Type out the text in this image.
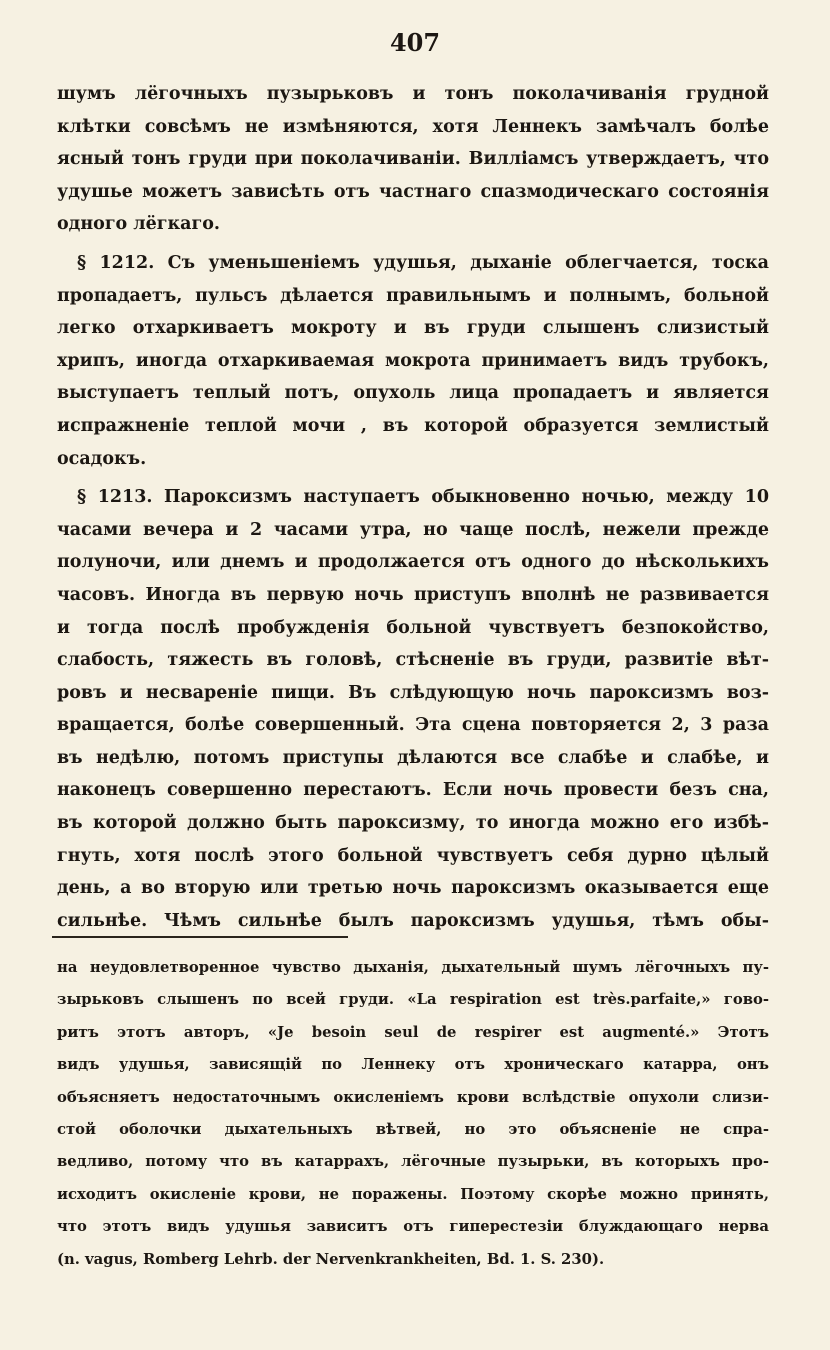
407
шумъ лёгочныхъ пузырьковъ и тонъ поколачиванія грудной
клѣтки совсѣмъ не измѣняются, хотя Леннекъ замѣчалъ болѣе
ясный тонъ груди при поколачиваніи. Вилліамсъ утверждаетъ, что
удушье можетъ зависѣть отъ частнаго спазмодическаго состоянія
одного лёгкаго.
§ 1212. Съ уменьшеніемъ удушья, дыханіе облегчается, тоска
пропадаетъ, пульсъ дѣлается правильнымъ и полнымъ, больной
легко отхаркиваетъ мокроту и въ груди слышенъ слизистый
хрипъ, иногда отхаркиваемая мокрота принимаетъ видъ трубокъ,
выступаетъ теплый потъ, опухоль лица пропадаетъ и является
испражненіе теплой мочи , въ которой образуется землистый
осадокъ.
§ 1213. Пароксизмъ наступаетъ обыкновенно ночью, между 10
часами вечера и 2 часами утра, но чаще послѣ, нежели прежде
полуночи, или днемъ и продолжается отъ одного до нѣсколькихъ
часовъ. Иногда въ первую ночь приступъ вполнѣ не развивается
и тогда послѣ пробужденія больной чувствуетъ безпокойство,
слабость, тяжесть въ головѣ, стѣсненіе въ груди, развитіе вѣт-
ровъ и несвареніе пищи. Въ слѣдующую ночь пароксизмъ воз-
вращается, болѣе совершенный. Эта сцена повторяется 2, 3 раза
въ недѣлю, потомъ приступы дѣлаются все слабѣе и слабѣе, и
наконецъ совершенно перестаютъ. Если ночь провести безъ сна,
въ которой должно быть пароксизму, то иногда можно его избѣ-
гнуть, хотя послѣ этого больной чувствуетъ себя дурно цѣлый
день, а во вторую или третью ночь пароксизмъ оказывается еще
сильнѣе. Чѣмъ сильнѣе былъ пароксизмъ удушья, тѣмъ обы-
на неудовлетворенное чувство дыханія, дыхательный шумъ лёгочныхъ пу-
зырьковъ слышенъ по всей груди. «La respiration est très.parfaite,» гово-
ритъ этотъ авторъ, «Je besoin seul de respirer est augmenté.» Этотъ
видъ удушья, зависящій по Леннеку отъ хроническаго катарра, онъ
объясняетъ недостаточнымъ окисленіемъ крови вслѣдствіе опухоли слизи-
стой оболочки дыхательныхъ вѣтвей, но это объясненіе не спра-
ведливо, потому что въ катаррахъ, лёгочные пузырьки, въ которыхъ про-
исходитъ окисленіе крови, не поражены. Поэтому скорѣе можно принять,
что этотъ видъ удушья зависитъ отъ гиперестезіи блуждающаго нерва
(n. vagus, Romberg Lehrb. der Nervenkrankheiten, Bd. 1. S. 230).
